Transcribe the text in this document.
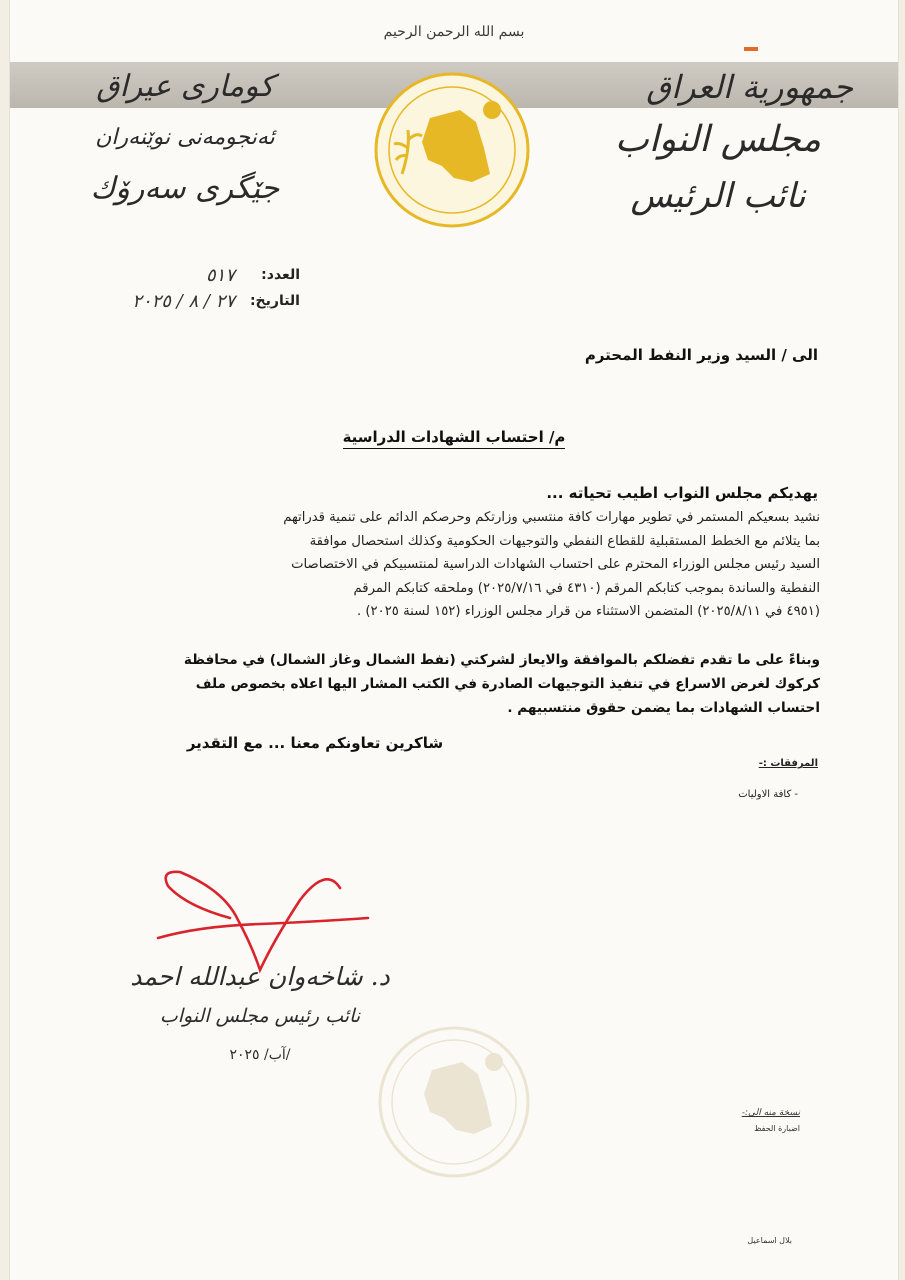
بسم الله الرحمن الرحيم
جمهورية العراق
مجلس النواب
نائب الرئيس
كوماری عیراق
ئەنجومەنی نوێنەران
جێگری سەرۆك
العدد:
٥١٧
التاريخ:
٢٧ / ٨ / ٢٠٢٥
الى / السيد وزير النفط المحترم
م/ احتساب الشهادات الدراسية
يهديكم مجلس النواب اطيب تحياته ...

نشيد بسعيكم المستمر في تطوير مهارات كافة منتسبي وزارتكم وحرصكم الدائم على تنمية قدراتهم

بما يتلائم مع الخطط المستقبلية للقطاع النفطي والتوجيهات الحكومية وكذلك استحصال موافقة

السيد رئيس مجلس الوزراء المحترم على احتساب الشهادات الدراسية لمنتسبيكم في الاختصاصات

النفطية والساندة بموجب كتابكم المرقم (٤٣١٠ في ٢٠٢٥/٧/١٦) وملحقه كتابكم المرقم

(٤٩٥١ في ٢٠٢٥/٨/١١) المتضمن الاستثناء من قرار مجلس الوزراء (١٥٢ لسنة ٢٠٢٥) .

وبناءً على ما تقدم تفضلكم بالموافقة والايعاز لشركتي (نفط الشمال وغاز الشمال) في محافظة

كركوك لغرض الاسراع في تنفيذ التوجيهات الصادرة في الكتب المشار اليها اعلاه بخصوص ملف

احتساب الشهادات بما يضمن حقوق منتسبيهم .

شاكرين تعاونكم معنا ... مع التقدير
المرفقات :-
- كافة الاوليات
د. شاخەوان عبدالله احمد
نائب رئيس مجلس النواب
/آب/ ٢٠٢٥
نسخة منه الى:-
اضبارة الحفظ
بلال اسماعيل
